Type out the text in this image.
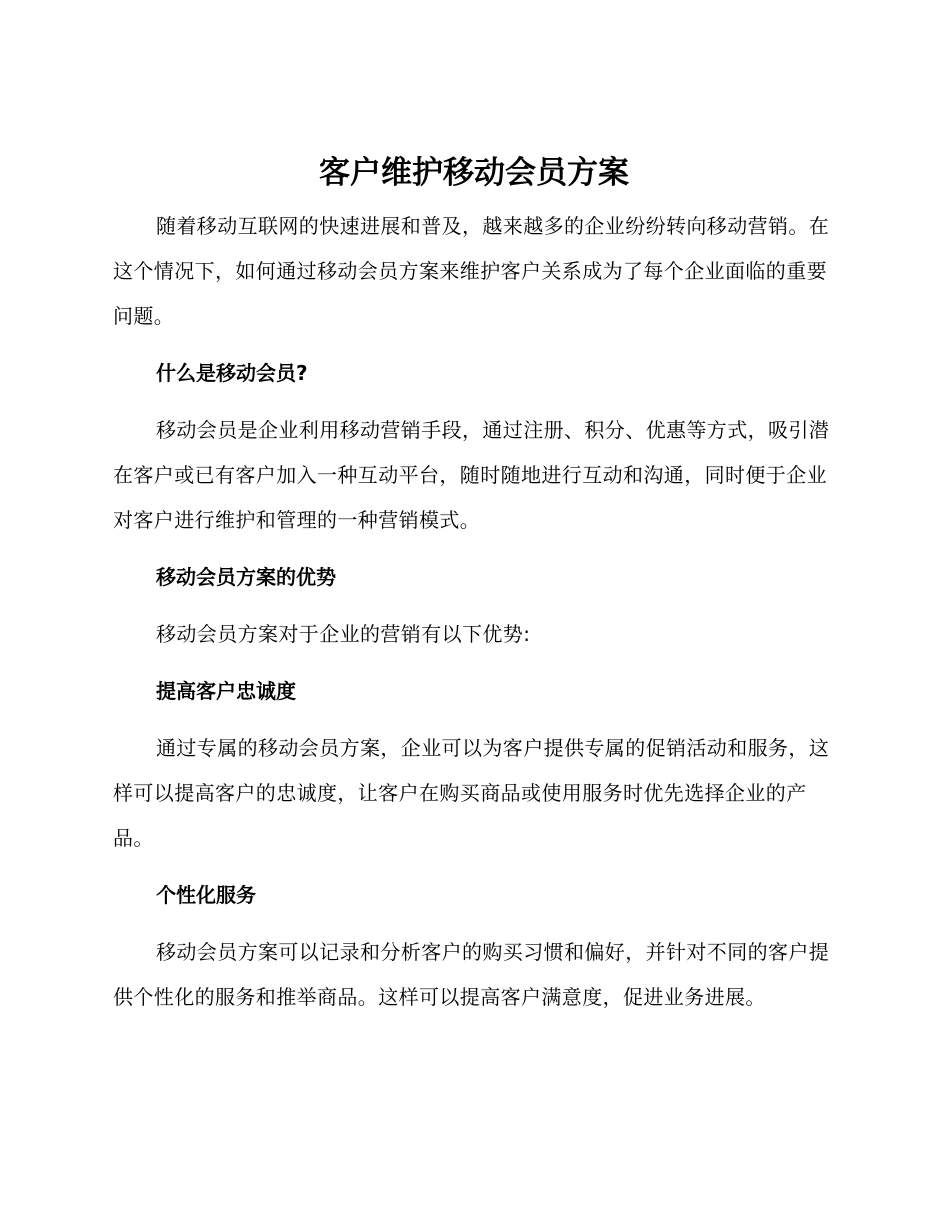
客户维护移动会员方案

随着移动互联网的快速进展和普及，越来越多的企业纷纷转向移动营销。在这个情况下，如何通过移动会员方案来维护客户关系成为了每个企业面临的重要问题。

什么是移动会员?

移动会员是企业利用移动营销手段，通过注册、积分、优惠等方式，吸引潜在客户或已有客户加入一种互动平台，随时随地进行互动和沟通，同时便于企业对客户进行维护和管理的一种营销模式。

移动会员方案的优势

移动会员方案对于企业的营销有以下优势:

提高客户忠诚度

通过专属的移动会员方案，企业可以为客户提供专属的促销活动和服务，这样可以提高客户的忠诚度，让客户在购买商品或使用服务时优先选择企业的产品。

个性化服务

移动会员方案可以记录和分析客户的购买习惯和偏好，并针对不同的客户提供个性化的服务和推举商品。这样可以提高客户满意度，促进业务进展。
